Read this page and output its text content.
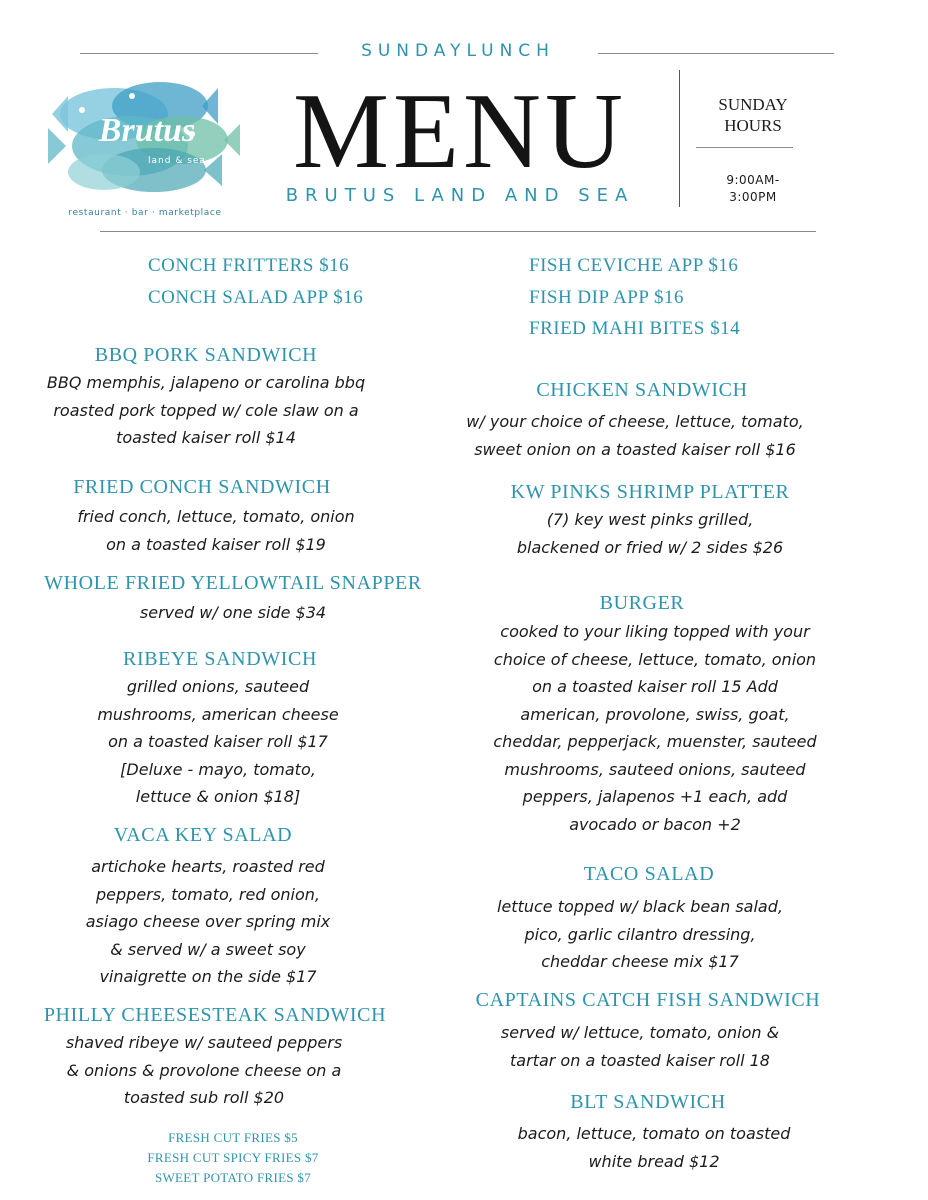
SUNDAYLUNCH
MENU
BRUTUS LAND AND SEA
SUNDAY HOURS
9:00AM-
3:00PM
Brutus
land & sea
restaurant · bar · marketplace
CONCH FRITTERS $16
CONCH SALAD APP $16
BBQ PORK SANDWICH
BBQ memphis, jalapeno or carolina bbq
roasted pork topped w/ cole slaw on a
toasted kaiser roll $14
FRIED CONCH SANDWICH
fried conch, lettuce, tomato, onion
on a toasted kaiser roll $19
WHOLE FRIED YELLOWTAIL SNAPPER
served w/ one side $34
RIBEYE SANDWICH
grilled onions, sauteed
mushrooms, american cheese
on a toasted kaiser roll $17
[Deluxe - mayo, tomato,
lettuce & onion $18]
VACA KEY SALAD
artichoke hearts, roasted red
peppers, tomato, red onion,
asiago cheese over spring mix
& served w/ a sweet soy
vinaigrette on the side $17
PHILLY CHEESESTEAK SANDWICH
shaved ribeye w/ sauteed peppers
& onions & provolone cheese on a
toasted sub roll $20
FRESH CUT FRIES $5
FRESH CUT SPICY FRIES $7
SWEET POTATO FRIES $7
FISH CEVICHE APP $16
FISH DIP APP $16
FRIED MAHI BITES $14
CHICKEN SANDWICH
w/ your choice of cheese, lettuce, tomato,
sweet onion on a toasted kaiser roll $16
KW PINKS SHRIMP PLATTER
(7) key west pinks grilled,
blackened or fried w/ 2 sides $26
BURGER
cooked to your liking topped with your
choice of cheese, lettuce, tomato, onion
on a toasted kaiser roll 15 Add
american, provolone, swiss, goat,
cheddar, pepperjack, muenster, sauteed
mushrooms, sauteed onions, sauteed
peppers, jalapenos +1 each, add
avocado or bacon +2
TACO SALAD
lettuce topped w/ black bean salad,
pico, garlic cilantro dressing,
cheddar cheese mix $17
CAPTAINS CATCH FISH SANDWICH
served w/ lettuce, tomato, onion &
tartar on a toasted kaiser roll 18
BLT SANDWICH
bacon, lettuce, tomato on toasted
white bread $12
